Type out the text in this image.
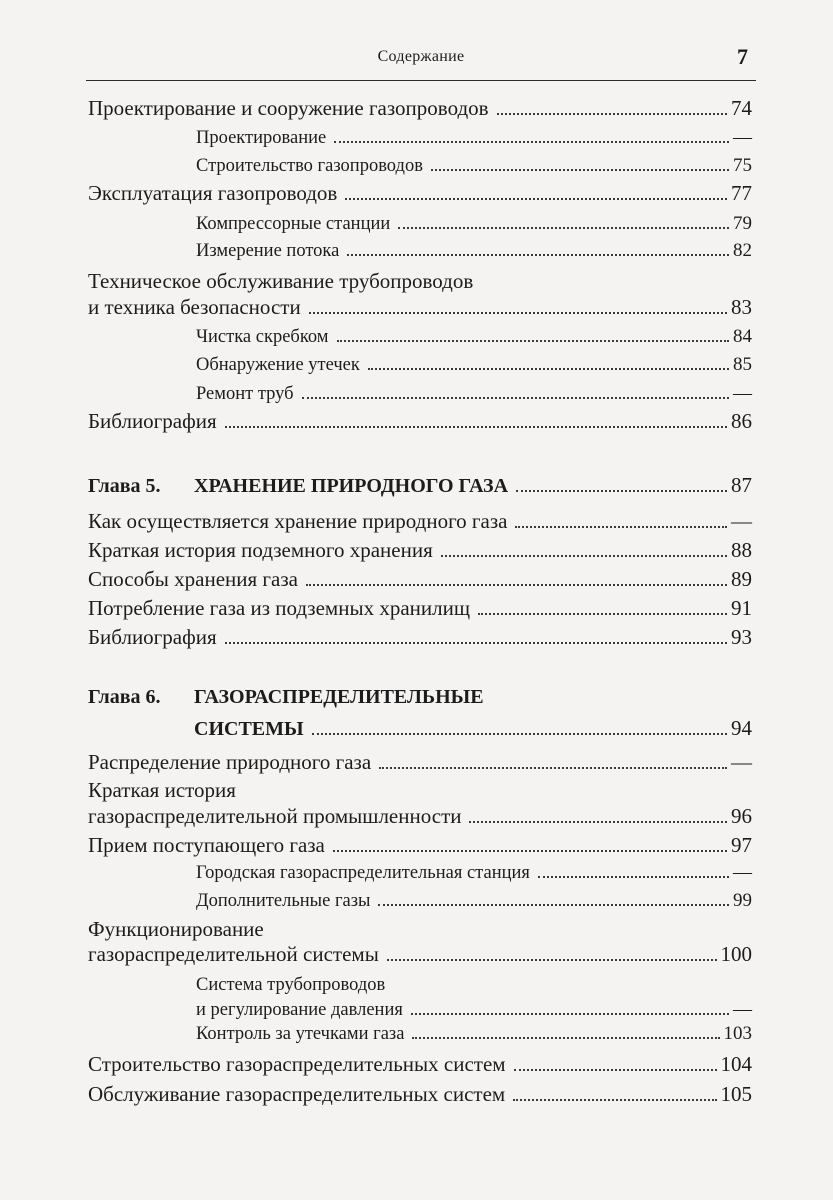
Содержание	7
Проектирование и сооружение газопроводов	74
Проектирование	—
Строительство газопроводов	75
Эксплуатация газопроводов	77
Компрессорные станции	79
Измерение потока	82
Техническое обслуживание трубопроводов
и техника безопасности	83
Чистка скребком	84
Обнаружение утечек	85
Ремонт труб	—
Библиография	86
Глава 5. ХРАНЕНИЕ ПРИРОДНОГО ГАЗА	87
Как осуществляется хранение природного газа	—
Краткая история подземного хранения	88
Способы хранения газа	89
Потребление газа из подземных хранилищ	91
Библиография	93
Глава 6. ГАЗОРАСПРЕДЕЛИТЕЛЬНЫЕ
СИСТЕМЫ	94
Распределение природного газа	—
Краткая история
газораспределительной промышленности	96
Прием поступающего газа	97
Городская газораспределительная станция	—
Дополнительные газы	99
Функционирование
газораспределительной системы	100
Система трубопроводов
и регулирование давления	—
Контроль за утечками газа	103
Строительство газораспределительных систем	104
Обслуживание газораспределительных систем	105
